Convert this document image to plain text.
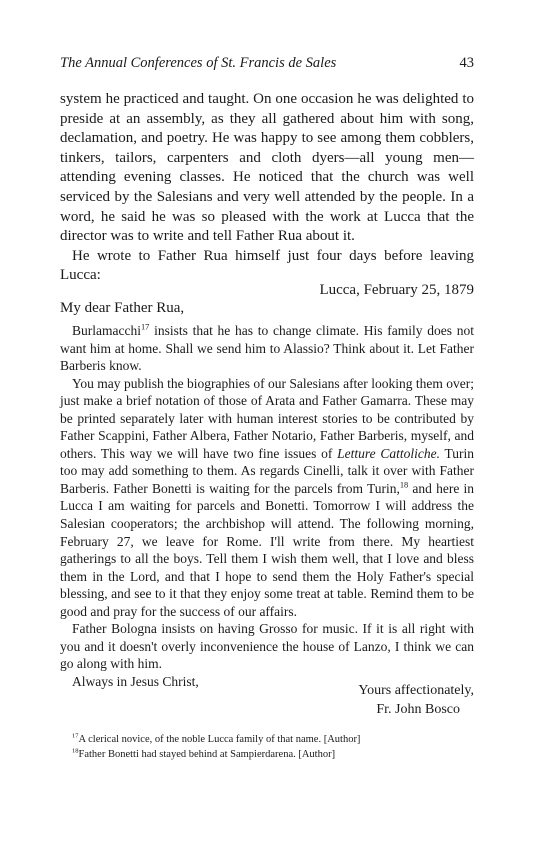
The Annual Conferences of St. Francis de Sales	43

system he practiced and taught. On one occasion he was delighted to preside at an assembly, as they all gathered about him with song, declamation, and poetry. He was happy to see among them cobblers, tinkers, tailors, carpenters and cloth dyers—all young men—attending evening classes. He noticed that the church was well serviced by the Salesians and very well attended by the people. In a word, he said he was so pleased with the work at Lucca that the director was to write and tell Father Rua about it.

He wrote to Father Rua himself just four days before leaving Lucca:

Lucca, February 25, 1879
My dear Father Rua,

Burlamacchi$^{17}$ insists that he has to change climate. His family does not want him at home. Shall we send him to Alassio? Think about it. Let Father Barberis know.

You may publish the biographies of our Salesians after looking them over; just make a brief notation of those of Arata and Father Gamarra. These may be printed separately later with human interest stories to be contributed by Father Scappini, Father Albera, Father Notario, Father Barberis, myself, and others. This way we will have two fine issues of Letture Cattoliche. Turin too may add something to them. As regards Cinelli, talk it over with Father Barberis. Father Bonetti is waiting for the parcels from Turin,$^{18}$ and here in Lucca I am waiting for parcels and Bonetti. Tomorrow I will address the Salesian cooperators; the archbishop will attend. The following morning, February 27, we leave for Rome. I'll write from there. My heartiest gatherings to all the boys. Tell them I wish them well, that I love and bless them in the Lord, and that I hope to send them the Holy Father's special blessing, and see to it that they enjoy some treat at table. Remind them to be good and pray for the success of our affairs.

Father Bologna insists on having Grosso for music. If it is all right with you and it doesn't overly inconvenience the house of Lanzo, I think we can go along with him.

Always in Jesus Christ,

Yours affectionately,
Fr. John Bosco
$^{17}$A clerical novice, of the noble Lucca family of that name. [Author]
$^{18}$Father Bonetti had stayed behind at Sampierdarena. [Author]
